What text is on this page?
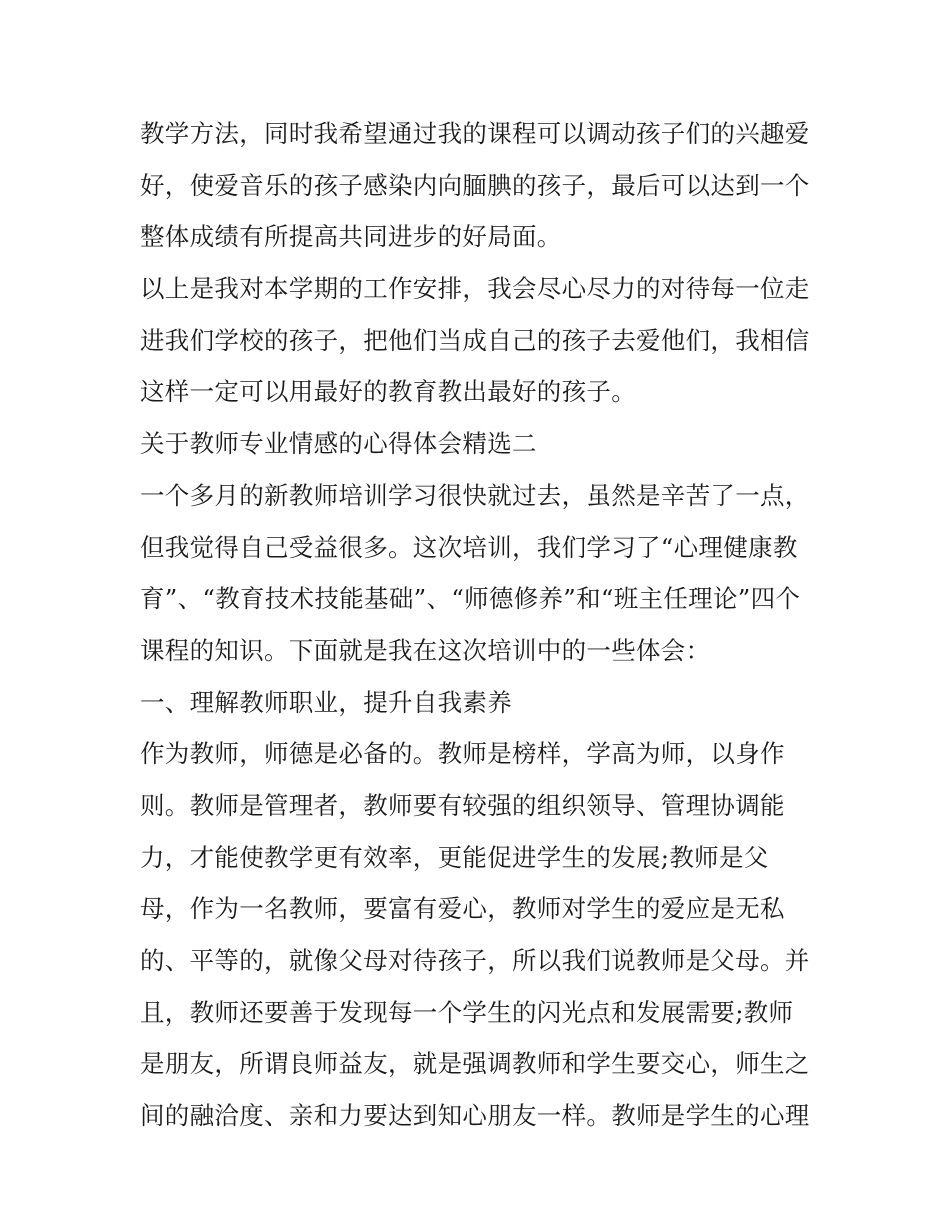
教学方法，同时我希望通过我的课程可以调动孩子们的兴趣爱
好，使爱音乐的孩子感染内向腼腆的孩子，最后可以达到一个
整体成绩有所提高共同进步的好局面。
以上是我对本学期的工作安排，我会尽心尽力的对待每一位走
进我们学校的孩子，把他们当成自己的孩子去爱他们，我相信
这样一定可以用最好的教育教出最好的孩子。
关于教师专业情感的心得体会精选二
一个多月的新教师培训学习很快就过去，虽然是辛苦了一点，
但我觉得自己受益很多。这次培训，我们学习了“心理健康教
育”、“教育技术技能基础”、“师德修养”和“班主任理论”四个
课程的知识。下面就是我在这次培训中的一些体会：
一、理解教师职业，提升自我素养
作为教师，师德是必备的。教师是榜样，学高为师，以身作
则。教师是管理者，教师要有较强的组织领导、管理协调能
力，才能使教学更有效率，更能促进学生的发展;教师是父
母，作为一名教师，要富有爱心，教师对学生的爱应是无私
的、平等的，就像父母对待孩子，所以我们说教师是父母。并
且，教师还要善于发现每一个学生的闪光点和发展需要;教师
是朋友，所谓良师益友，就是强调教师和学生要交心，师生之
间的融洽度、亲和力要达到知心朋友一样。教师是学生的心理
